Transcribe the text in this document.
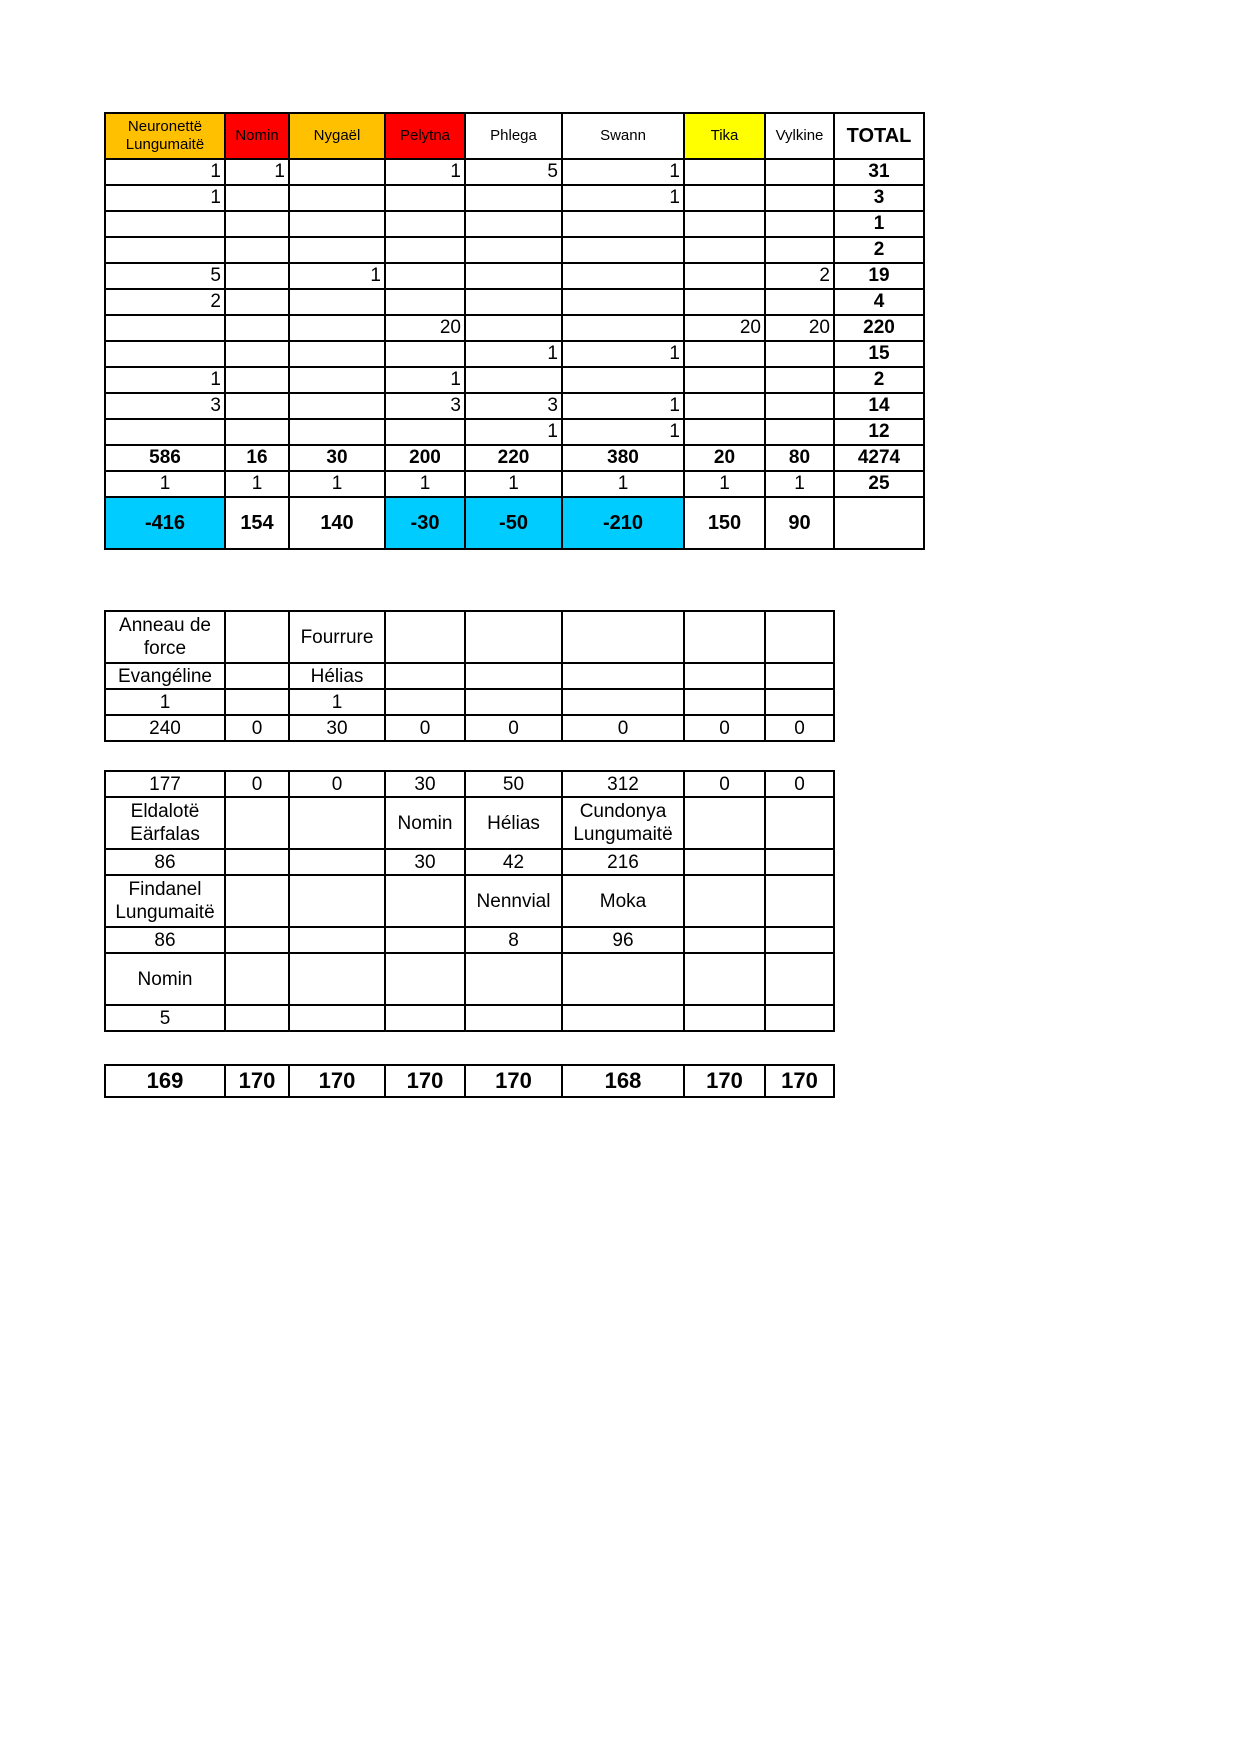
Neuronettë Lungumaitë	Nomin	Nygaël	Pelytna	Phlega	Swann	Tika	Vylkine	TOTAL
1	1		1	5	1			31
1					1			3
								1
								2
5		1					2	19
2								4
			20			20	20	220
				1	1			15
1			1					2
3			3	3	1			14
				1	1			12
586	16	30	200	220	380	20	80	4274
1	1	1	1	1	1	1	1	25
-416	154	140	-30	-50	-210	150	90	
Anneau de force		Fourrure					
Evangéline		Hélias					
1		1					
240	0	30	0	0	0	0	0
177	0	0	30	50	312	0	0
Eldalotë Eärfalas			Nomin	Hélias	Cundonya Lungumaitë		
86			30	42	216		
Findanel Lungumaitë				Nennvial	Moka		
86				8	96		
Nomin							
5							
169	170	170	170	170	168	170	170
